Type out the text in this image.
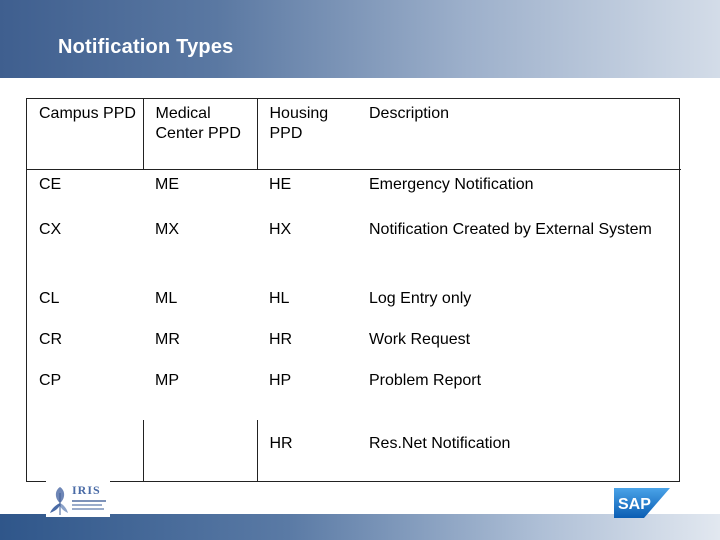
Notification Types
Campus PPD	Medical Center PPD	Housing PPD	Description
CE	ME	HE	Emergency Notification
CX	MX	HX	Notification Created by External System
CL	ML	HL	Log Entry only
CR	MR	HR	Work Request
CP	MP	HP	Problem Report
		HR	Res.Net Notification
IRIS
SAP
